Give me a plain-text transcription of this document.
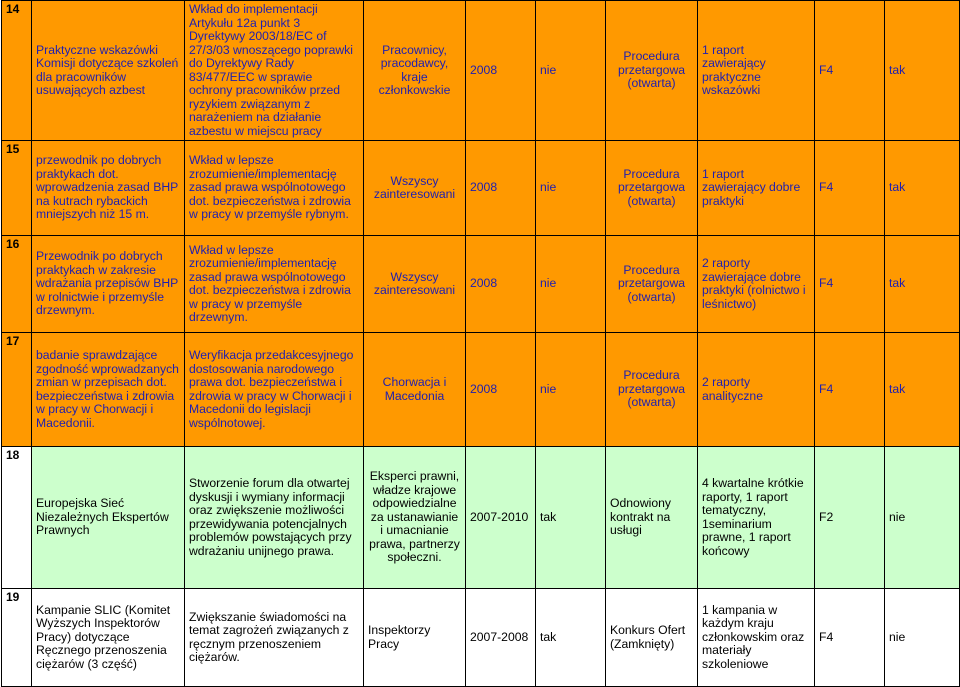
14	Praktyczne wskazówki Komisji dotyczące szkoleń dla pracowników usuwających azbest	Wkład do implementacji Artykułu 12a punkt 3 Dyrektywy 2003/18/EC of 27/3/03 wnoszącego poprawki do Dyrektywy Rady 83/477/EEC w sprawie ochrony pracowników przed ryzykiem związanym z narażeniem na działanie azbestu w miejscu pracy	Pracownicy, pracodawcy, kraje członkowskie	2008	nie	Procedura przetargowa (otwarta)	1 raport zawierający praktyczne wskazówki	F4	tak
15	przewodnik po dobrych praktykach dot. wprowadzenia zasad BHP na kutrach rybackich mniejszych niż 15 m.	Wkład w lepsze zrozumienie/implementację zasad prawa wspólnotowego dot. bezpieczeństwa i zdrowia w pracy w przemyśle rybnym.	Wszyscy zainteresowani	2008	nie	Procedura przetargowa (otwarta)	1 raport zawierający dobre praktyki	F4	tak
16	Przewodnik po dobrych praktykach w zakresie wdrażania przepisów BHP w rolnictwie i przemyśle drzewnym.	Wkład w lepsze zrozumienie/implementację zasad prawa wspólnotowego dot. bezpieczeństwa i zdrowia w pracy w przemyśle drzewnym.	Wszyscy zainteresowani	2008	nie	Procedura przetargowa (otwarta)	2 raporty zawierające dobre praktyki (rolnictwo i leśnictwo)	F4	tak
17	badanie sprawdzające zgodność wprowadzanych zmian w przepisach dot. bezpieczeństwa i zdrowia w pracy w Chorwacji i Macedonii.	Weryfikacja przedakcesyjnego dostosowania narodowego prawa dot. bezpieczeństwa i zdrowia w pracy w Chorwacji i Macedonii do legislacji wspólnotowej.	Chorwacja i Macedonia	2008	nie	Procedura przetargowa (otwarta)	2 raporty analityczne	F4	tak
18	Europejska Sieć Niezależnych Ekspertów Prawnych	Stworzenie forum dla otwartej dyskusji i wymiany informacji oraz zwiększenie możliwości przewidywania potencjalnych problemów powstających przy wdrażaniu unijnego prawa.	Eksperci prawni, władze krajowe odpowiedzialne za ustanawianie i umacnianie prawa, partnerzy społeczni.	2007-2010	tak	Odnowiony kontrakt na usługi	4 kwartalne krótkie raporty, 1 raport tematyczny, 1seminarium prawne, 1 raport końcowy	F2	nie
19	Kampanie SLIC (Komitet Wyższych Inspektorów Pracy) dotyczące Ręcznego przenoszenia ciężarów (3 część)	Zwiększanie świadomości na temat zagrożeń związanych z ręcznym przenoszeniem ciężarów.	Inspektorzy Pracy	2007-2008	tak	Konkurs Ofert (Zamknięty)	1 kampania w każdym kraju członkowskim oraz materiały szkoleniowe	F4	nie
